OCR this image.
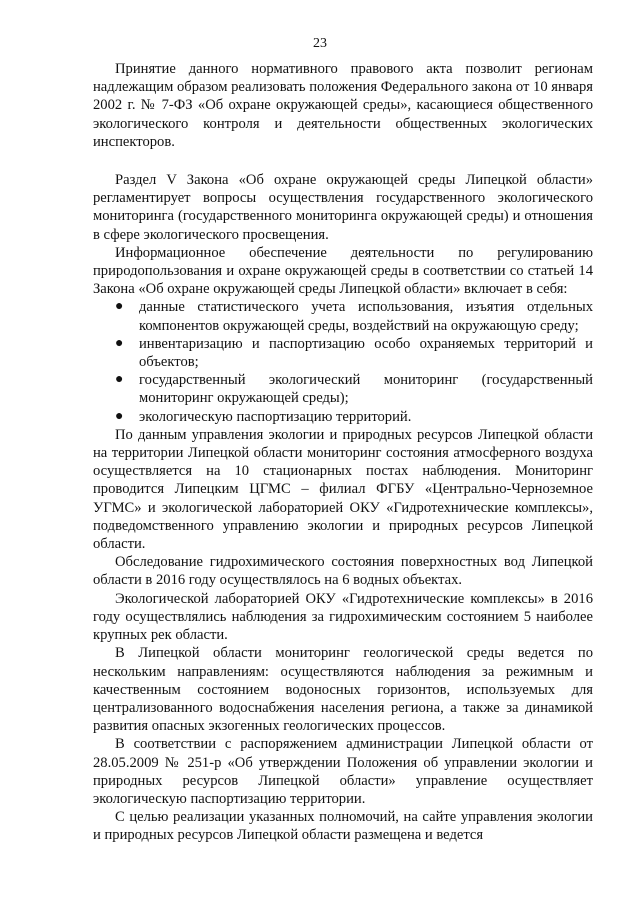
23

Принятие данного нормативного правового акта позволит регионам надлежащим образом реализовать положения Федерального закона от 10 января 2002 г. № 7-ФЗ «Об охране окружающей среды», касающиеся общественного экологического контроля и деятельности общественных экологических инспекторов.

Раздел V Закона «Об охране окружающей среды Липецкой области» регламентирует вопросы осуществления государственного экологического мониторинга (государственного мониторинга окружающей среды) и отношения в сфере экологического просвещения.

Информационное обеспечение деятельности по регулированию природопользования и охране окружающей среды в соответствии со статьей 14 Закона «Об охране окружающей среды Липецкой области» включает в себя:

● данные статистического учета использования, изъятия отдельных компонентов окружающей среды, воздействий на окружающую среду;
● инвентаризацию и паспортизацию особо охраняемых территорий и объектов;
● государственный экологический мониторинг (государственный мониторинг окружающей среды);
● экологическую паспортизацию территорий.

По данным управления экологии и природных ресурсов Липецкой области на территории Липецкой области мониторинг состояния атмосферного воздуха осуществляется на 10 стационарных постах наблюдения. Мониторинг проводится Липецким ЦГМС – филиал ФГБУ «Центрально-Черноземное УГМС» и экологической лабораторией ОКУ «Гидротехнические комплексы», подведомственного управлению экологии и природных ресурсов Липецкой области.

Обследование гидрохимического состояния поверхностных вод Липецкой области в 2016 году осуществлялось на 6 водных объектах.

Экологической лабораторией ОКУ «Гидротехнические комплексы» в 2016 году осуществлялись наблюдения за гидрохимическим состоянием 5 наиболее крупных рек области.

В Липецкой области мониторинг геологической среды ведется по нескольким направлениям: осуществляются наблюдения за режимным и качественным состоянием водоносных горизонтов, используемых для централизованного водоснабжения населения региона, а также за динамикой развития опасных экзогенных геологических процессов.

В соответствии с распоряжением администрации Липецкой области от 28.05.2009 № 251-р «Об утверждении Положения об управлении экологии и природных ресурсов Липецкой области» управление осуществляет экологическую паспортизацию территории.

С целью реализации указанных полномочий, на сайте управления экологии и природных ресурсов Липецкой области размещена и ведется
